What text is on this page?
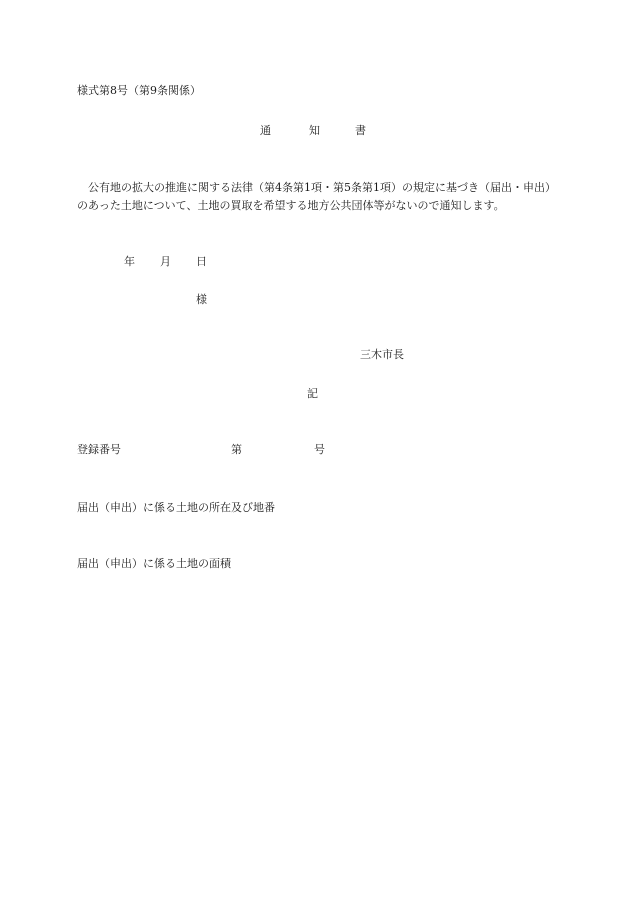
様式第8号（第9条関係）
通	知	書
公有地の拡大の推進に関する法律（第4条第1項・第5条第1項）の規定に基づき（届出・申出）
のあった土地について、土地の買取を希望する地方公共団体等がないので通知します。
年 月 日
様
三木市長
記
登録番号	第	号
届出（申出）に係る土地の所在及び地番
届出（申出）に係る土地の面積
